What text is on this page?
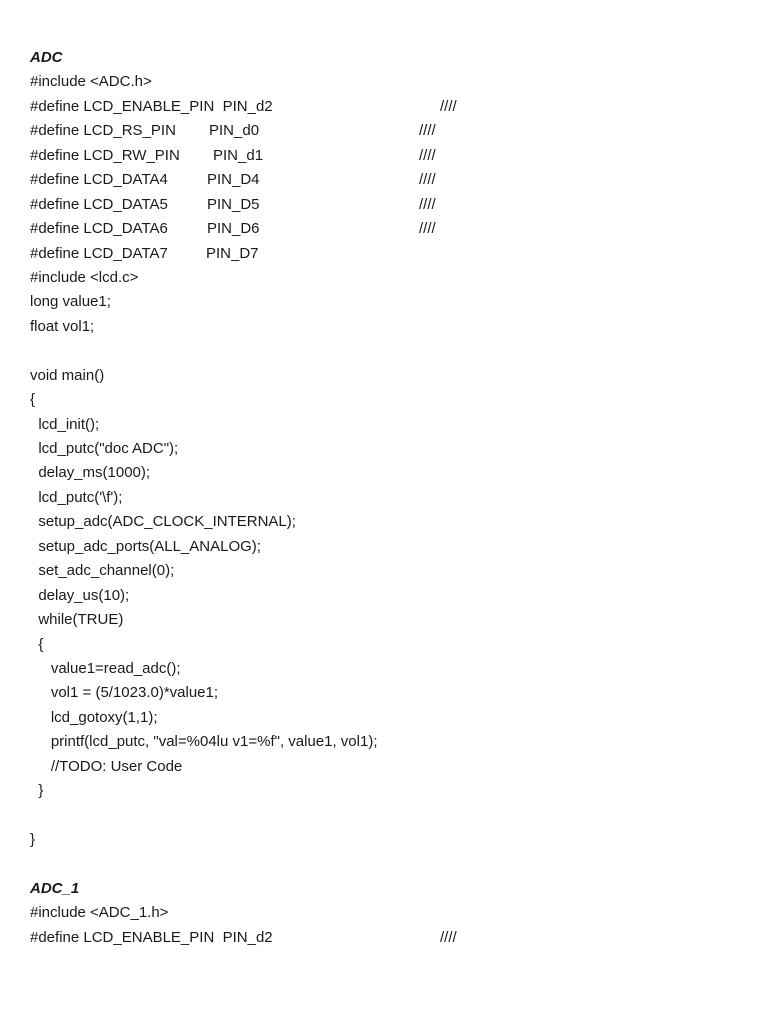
ADC
#include <ADC.h>
#define LCD_ENABLE_PIN  PIN_d2	////
#define LCD_RS_PIN PIN_d0	////
#define LCD_RW_PIN PIN_d1	////
#define LCD_DATA4	PIN_D4	////
#define LCD_DATA5	PIN_D5	////
#define LCD_DATA6	PIN_D6	////
#define LCD_DATA7	PIN_D7
#include <lcd.c>
long value1;
float vol1;
void main()
{
lcd_init();
lcd_putc("doc ADC");
delay_ms(1000);
lcd_putc('\f');
setup_adc(ADC_CLOCK_INTERNAL);
setup_adc_ports(ALL_ANALOG);
set_adc_channel(0);
delay_us(10);
while(TRUE)
{
value1=read_adc();
vol1 = (5/1023.0)*value1;
lcd_gotoxy(1,1);
printf(lcd_putc, "val=%04lu v1=%f", value1, vol1);
//TODO: User Code
}
}
ADC_1
#include <ADC_1.h>
#define LCD_ENABLE_PIN  PIN_d2	////
